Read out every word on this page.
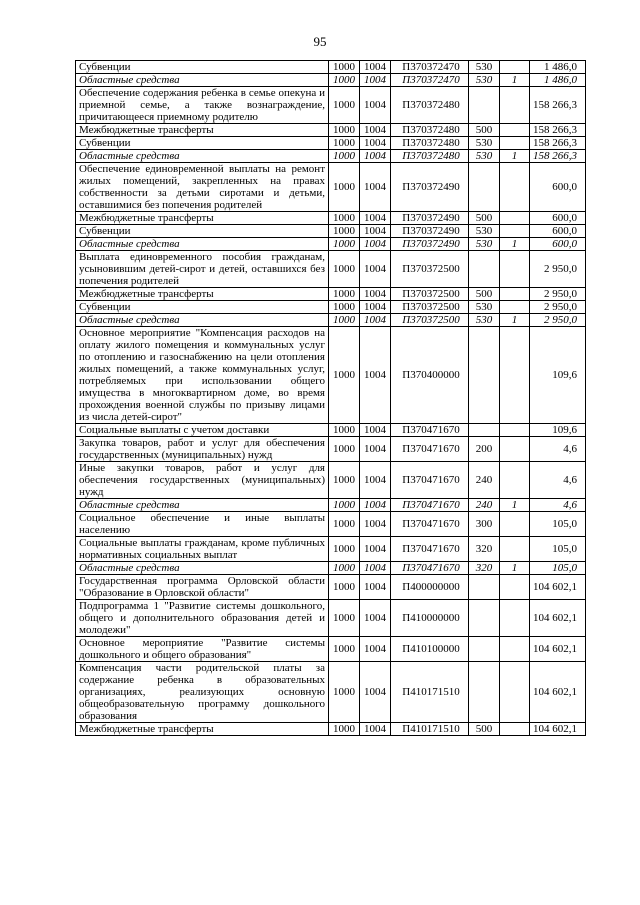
95
Субвенции	1000	1004	П370372470	530		1 486,0
Областные средства	1000	1004	П370372470	530	1	1 486,0
Обеспечение содержания ребенка в семье опекуна и приемной семье, а также вознаграждение, причитающееся приемному родителю	1000	1004	П370372480			158 266,3
Межбюджетные трансферты	1000	1004	П370372480	500		158 266,3
Субвенции	1000	1004	П370372480	530		158 266,3
Областные средства	1000	1004	П370372480	530	1	158 266,3
Обеспечение единовременной выплаты на ремонт жилых помещений, закрепленных на правах собственности за детьми сиротами и детьми, оставшимися без попечения родителей	1000	1004	П370372490			600,0
Межбюджетные трансферты	1000	1004	П370372490	500		600,0
Субвенции	1000	1004	П370372490	530		600,0
Областные средства	1000	1004	П370372490	530	1	600,0
Выплата единовременного пособия гражданам, усыновившим детей-сирот и детей, оставшихся без попечения родителей	1000	1004	П370372500			2 950,0
Межбюджетные трансферты	1000	1004	П370372500	500		2 950,0
Субвенции	1000	1004	П370372500	530		2 950,0
Областные средства	1000	1004	П370372500	530	1	2 950,0
Основное мероприятие "Компенсация расходов на оплату жилого помещения и коммунальных услуг по отоплению и газоснабжению на цели отопления жилых помещений, а также коммунальных услуг, потребляемых при использовании общего имущества в многоквартирном доме, во время прохождения военной службы по призыву лицами из числа детей-сирот"	1000	1004	П370400000			109,6
Социальные выплаты с учетом доставки	1000	1004	П370471670			109,6
Закупка товаров, работ и услуг для обеспечения государственных (муниципальных) нужд	1000	1004	П370471670	200		4,6
Иные закупки товаров, работ и услуг для обеспечения государственных (муниципальных) нужд	1000	1004	П370471670	240		4,6
Областные средства	1000	1004	П370471670	240	1	4,6
Социальное обеспечение и иные выплаты населению	1000	1004	П370471670	300		105,0
Социальные выплаты гражданам, кроме публичных нормативных социальных выплат	1000	1004	П370471670	320		105,0
Областные средства	1000	1004	П370471670	320	1	105,0
Государственная программа Орловской области "Образование в Орловской области"	1000	1004	П400000000			104 602,1
Подпрограмма 1 "Развитие системы дошкольного, общего и дополнительного образования детей и молодежи"	1000	1004	П410000000			104 602,1
Основное мероприятие "Развитие системы дошкольного и общего образования"	1000	1004	П410100000			104 602,1
Компенсация части родительской платы за содержание ребенка в образовательных организациях, реализующих основную общеобразовательную программу дошкольного образования	1000	1004	П410171510			104 602,1
Межбюджетные трансферты	1000	1004	П410171510	500		104 602,1
